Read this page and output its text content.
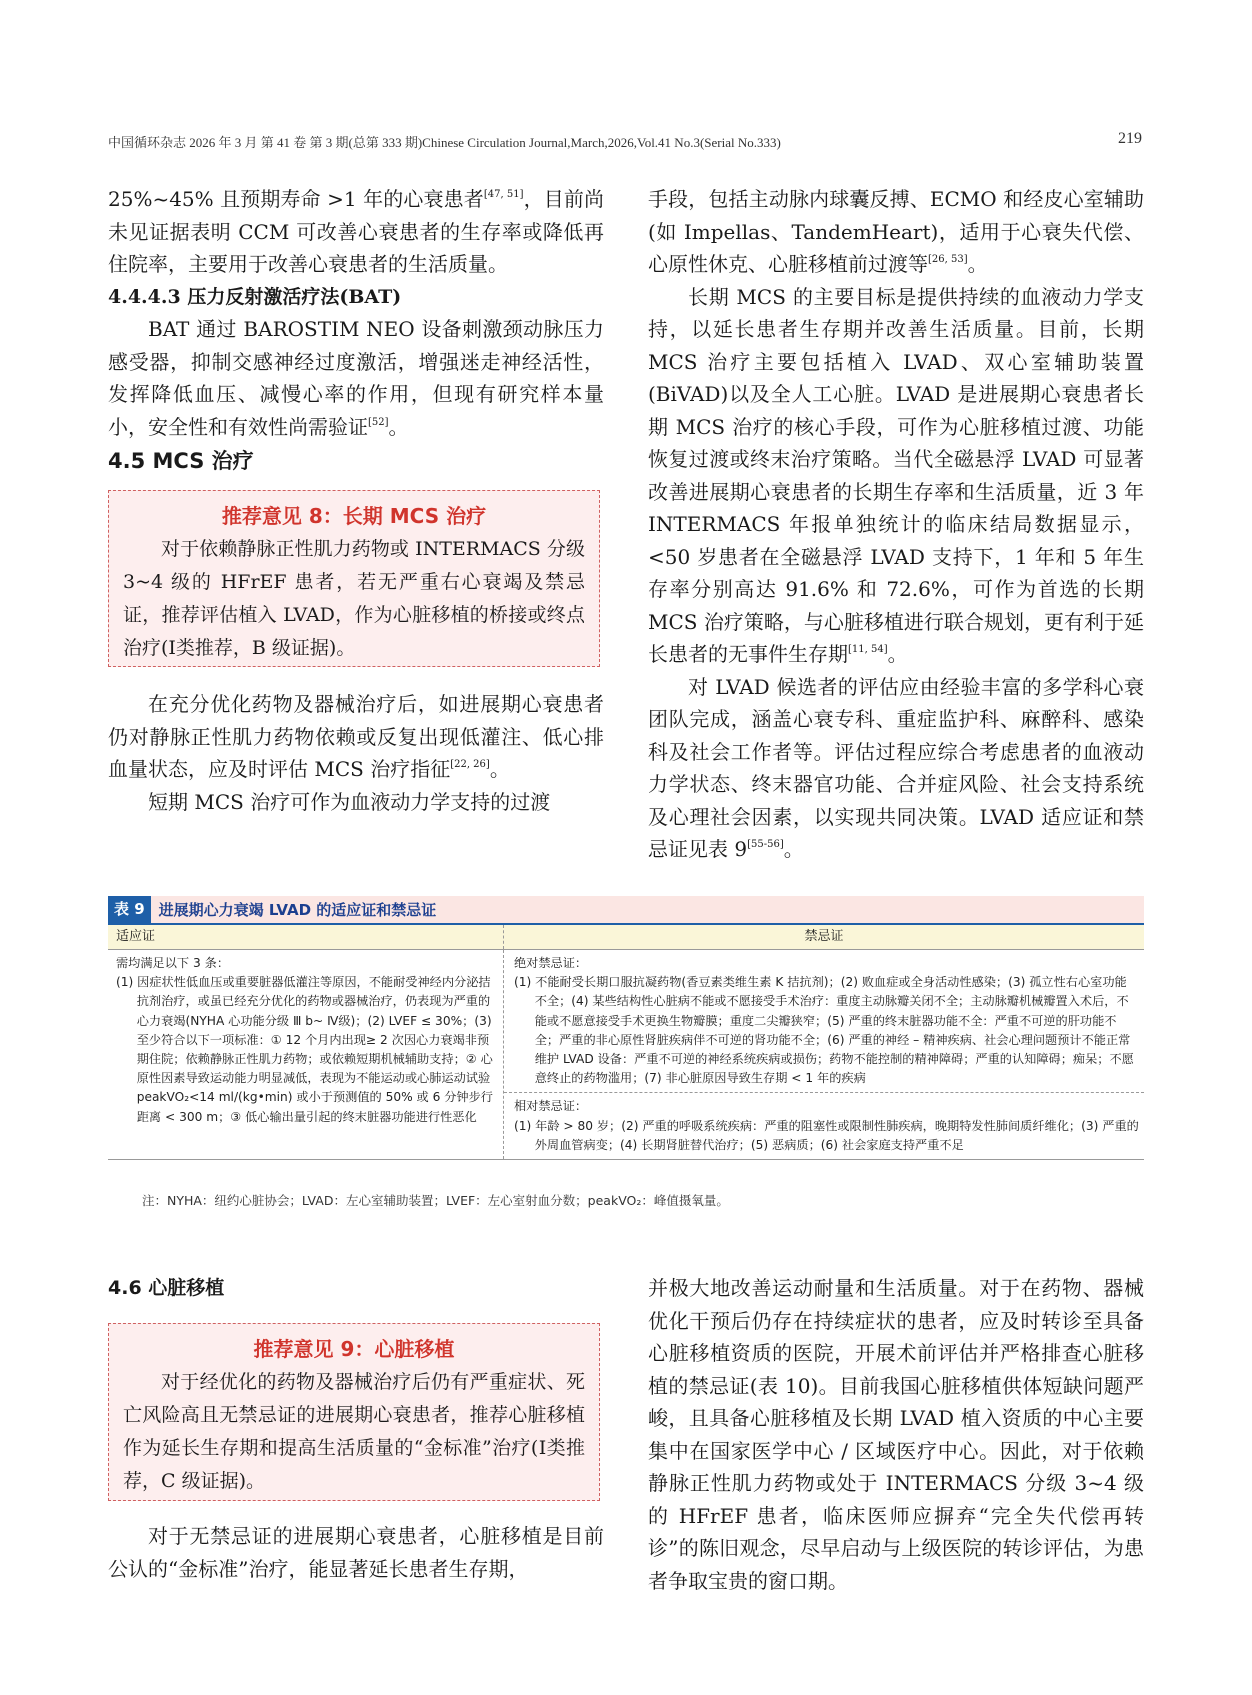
中国循环杂志 2026 年 3 月 第 41 卷 第 3 期(总第 333 期)Chinese Circulation Journal,March,2026,Vol.41 No.3(Serial No.333)	219

25%~45% 且预期寿命 >1 年的心衰患者[47, 51]，目前尚未见证据表明 CCM 可改善心衰患者的生存率或降低再住院率，主要用于改善心衰患者的生活质量。

4.4.4.3 压力反射激活疗法(BAT)

BAT 通过 BAROSTIM NEO 设备刺激颈动脉压力感受器，抑制交感神经过度激活，增强迷走神经活性，发挥降低血压、减慢心率的作用，但现有研究样本量小，安全性和有效性尚需验证[52]。

4.5 MCS 治疗

推荐意见 8：长期 MCS 治疗

对于依赖静脉正性肌力药物或 INTERMACS 分级 3~4 级的 HFrEF 患者，若无严重右心衰竭及禁忌证，推荐评估植入 LVAD，作为心脏移植的桥接或终点治疗(Ⅰ类推荐，B 级证据)。

在充分优化药物及器械治疗后，如进展期心衰患者仍对静脉正性肌力药物依赖或反复出现低灌注、低心排血量状态，应及时评估 MCS 治疗指征[22, 26]。

短期 MCS 治疗可作为血液动力学支持的过渡

手段，包括主动脉内球囊反搏、ECMO 和经皮心室辅助(如 Impellas、TandemHeart)，适用于心衰失代偿、心原性休克、心脏移植前过渡等[26, 53]。

长期 MCS 的主要目标是提供持续的血液动力学支持，以延长患者生存期并改善生活质量。目前，长期 MCS 治疗主要包括植入 LVAD、双心室辅助装置(BiVAD)以及全人工心脏。LVAD 是进展期心衰患者长期 MCS 治疗的核心手段，可作为心脏移植过渡、功能恢复过渡或终末治疗策略。当代全磁悬浮 LVAD 可显著改善进展期心衰患者的长期生存率和生活质量，近 3 年 INTERMACS 年报单独统计的临床结局数据显示，<50 岁患者在全磁悬浮 LVAD 支持下，1 年和 5 年生存率分别高达 91.6% 和 72.6%，可作为首选的长期 MCS 治疗策略，与心脏移植进行联合规划，更有利于延长患者的无事件生存期[11, 54]。

对 LVAD 候选者的评估应由经验丰富的多学科心衰团队完成，涵盖心衰专科、重症监护科、麻醉科、感染科及社会工作者等。评估过程应综合考虑患者的血液动力学状态、终末器官功能、合并症风险、社会支持系统及心理社会因素，以实现共同决策。LVAD 适应证和禁忌证见表 9[55-56]。

表 9 进展期心力衰竭 LVAD 的适应证和禁忌证
适应证	禁忌证

需均满足以下 3 条：

(1) 因症状性低血压或重要脏器低灌注等原因，不能耐受神经内分泌拮抗剂治疗，或虽已经充分优化的药物或器械治疗，仍表现为严重的心力衰竭(NYHA 心功能分级 Ⅲ b~ Ⅳ级)；(2) LVEF ≤ 30%；(3) 至少符合以下一项标准：① 12 个月内出现≥ 2 次因心力衰竭非预期住院；依赖静脉正性肌力药物；或依赖短期机械辅助支持；② 心原性因素导致运动能力明显减低，表现为不能运动或心肺运动试验 peakVO₂<14 ml/(kg•min) 或小于预测值的 50% 或 6 分钟步行距离 < 300 m；③ 低心输出量引起的终末脏器功能进行性恶化

绝对禁忌证：

(1) 不能耐受长期口服抗凝药物(香豆素类维生素 K 拮抗剂)；(2) 败血症或全身活动性感染；(3) 孤立性右心室功能不全；(4) 某些结构性心脏病不能或不愿接受手术治疗：重度主动脉瓣关闭不全；主动脉瓣机械瓣置入术后，不能或不愿意接受手术更换生物瓣膜；重度二尖瓣狭窄；(5) 严重的终末脏器功能不全：严重不可逆的肝功能不全；严重的非心原性肾脏疾病伴不可逆的肾功能不全；(6) 严重的神经 – 精神疾病、社会心理问题预计不能正常维护 LVAD 设备：严重不可逆的神经系统疾病或损伤；药物不能控制的精神障碍；严重的认知障碍；痴呆；不愿意终止的药物滥用；(7) 非心脏原因导致生存期 < 1 年的疾病

相对禁忌证：

(1) 年龄 > 80 岁；(2) 严重的呼吸系统疾病：严重的阻塞性或限制性肺疾病，晚期特发性肺间质纤维化；(3) 严重的外周血管病变；(4) 长期肾脏替代治疗；(5) 恶病质；(6) 社会家庭支持严重不足

注：NYHA：纽约心脏协会；LVAD：左心室辅助装置；LVEF：左心室射血分数；peakVO₂：峰值摄氧量。

4.6 心脏移植

推荐意见 9：心脏移植

对于经优化的药物及器械治疗后仍有严重症状、死亡风险高且无禁忌证的进展期心衰患者，推荐心脏移植作为延长生存期和提高生活质量的“金标准”治疗(Ⅰ类推荐，C 级证据)。

对于无禁忌证的进展期心衰患者，心脏移植是目前公认的“金标准”治疗，能显著延长患者生存期，

并极大地改善运动耐量和生活质量。对于在药物、器械优化干预后仍存在持续症状的患者，应及时转诊至具备心脏移植资质的医院，开展术前评估并严格排查心脏移植的禁忌证(表 10)。目前我国心脏移植供体短缺问题严峻，且具备心脏移植及长期 LVAD 植入资质的中心主要集中在国家医学中心 / 区域医疗中心。因此，对于依赖静脉正性肌力药物或处于 INTERMACS 分级 3~4 级的 HFrEF 患者，临床医师应摒弃“完全失代偿再转诊”的陈旧观念，尽早启动与上级医院的转诊评估，为患者争取宝贵的窗口期。
